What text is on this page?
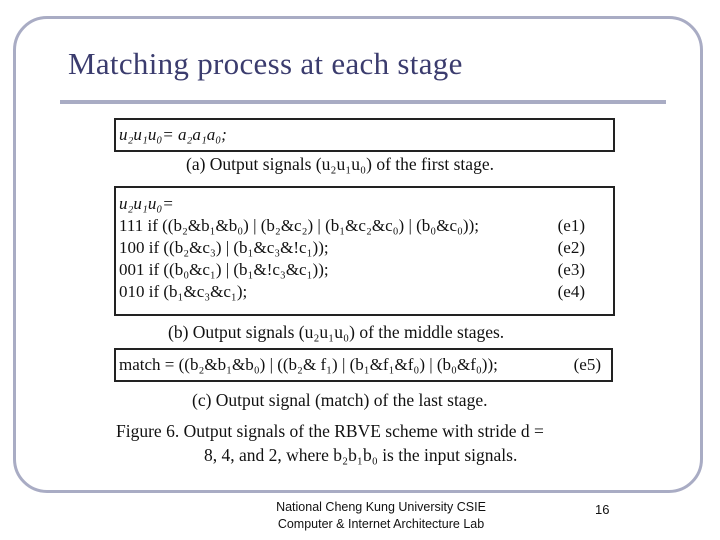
Matching process at each stage
u₂u₁u₀= a₂a₁a₀;
(a) Output signals (u₂u₁u₀) of the first stage.
u₂u₁u₀=
111 if ((b₂&b₁&b₀) | (b₂&c₂) | (b₁&c₂&c₀) | (b₀&c₀));	(e1)
100 if ((b₂&c₃) | (b₁&c₃&!c₁));	(e2)
001 if ((b₀&c₁) | (b₁&!c₃&c₁));	(e3)
010 if (b₁&c₃&c₁);	(e4)
(b) Output signals (u₂u₁u₀) of the middle stages.
match = ((b₂&b₁&b₀) | ((b₂& f₁) | (b₁&f₁&f₀) | (b₀&f₀));	(e5)
(c) Output signal (match) of the last stage.
Figure 6. Output signals of the RBVE scheme with stride d =
8, 4, and 2, where b₂b₁b₀ is the input signals.
National Cheng Kung University CSIE
Computer & Internet Architecture Lab
16
